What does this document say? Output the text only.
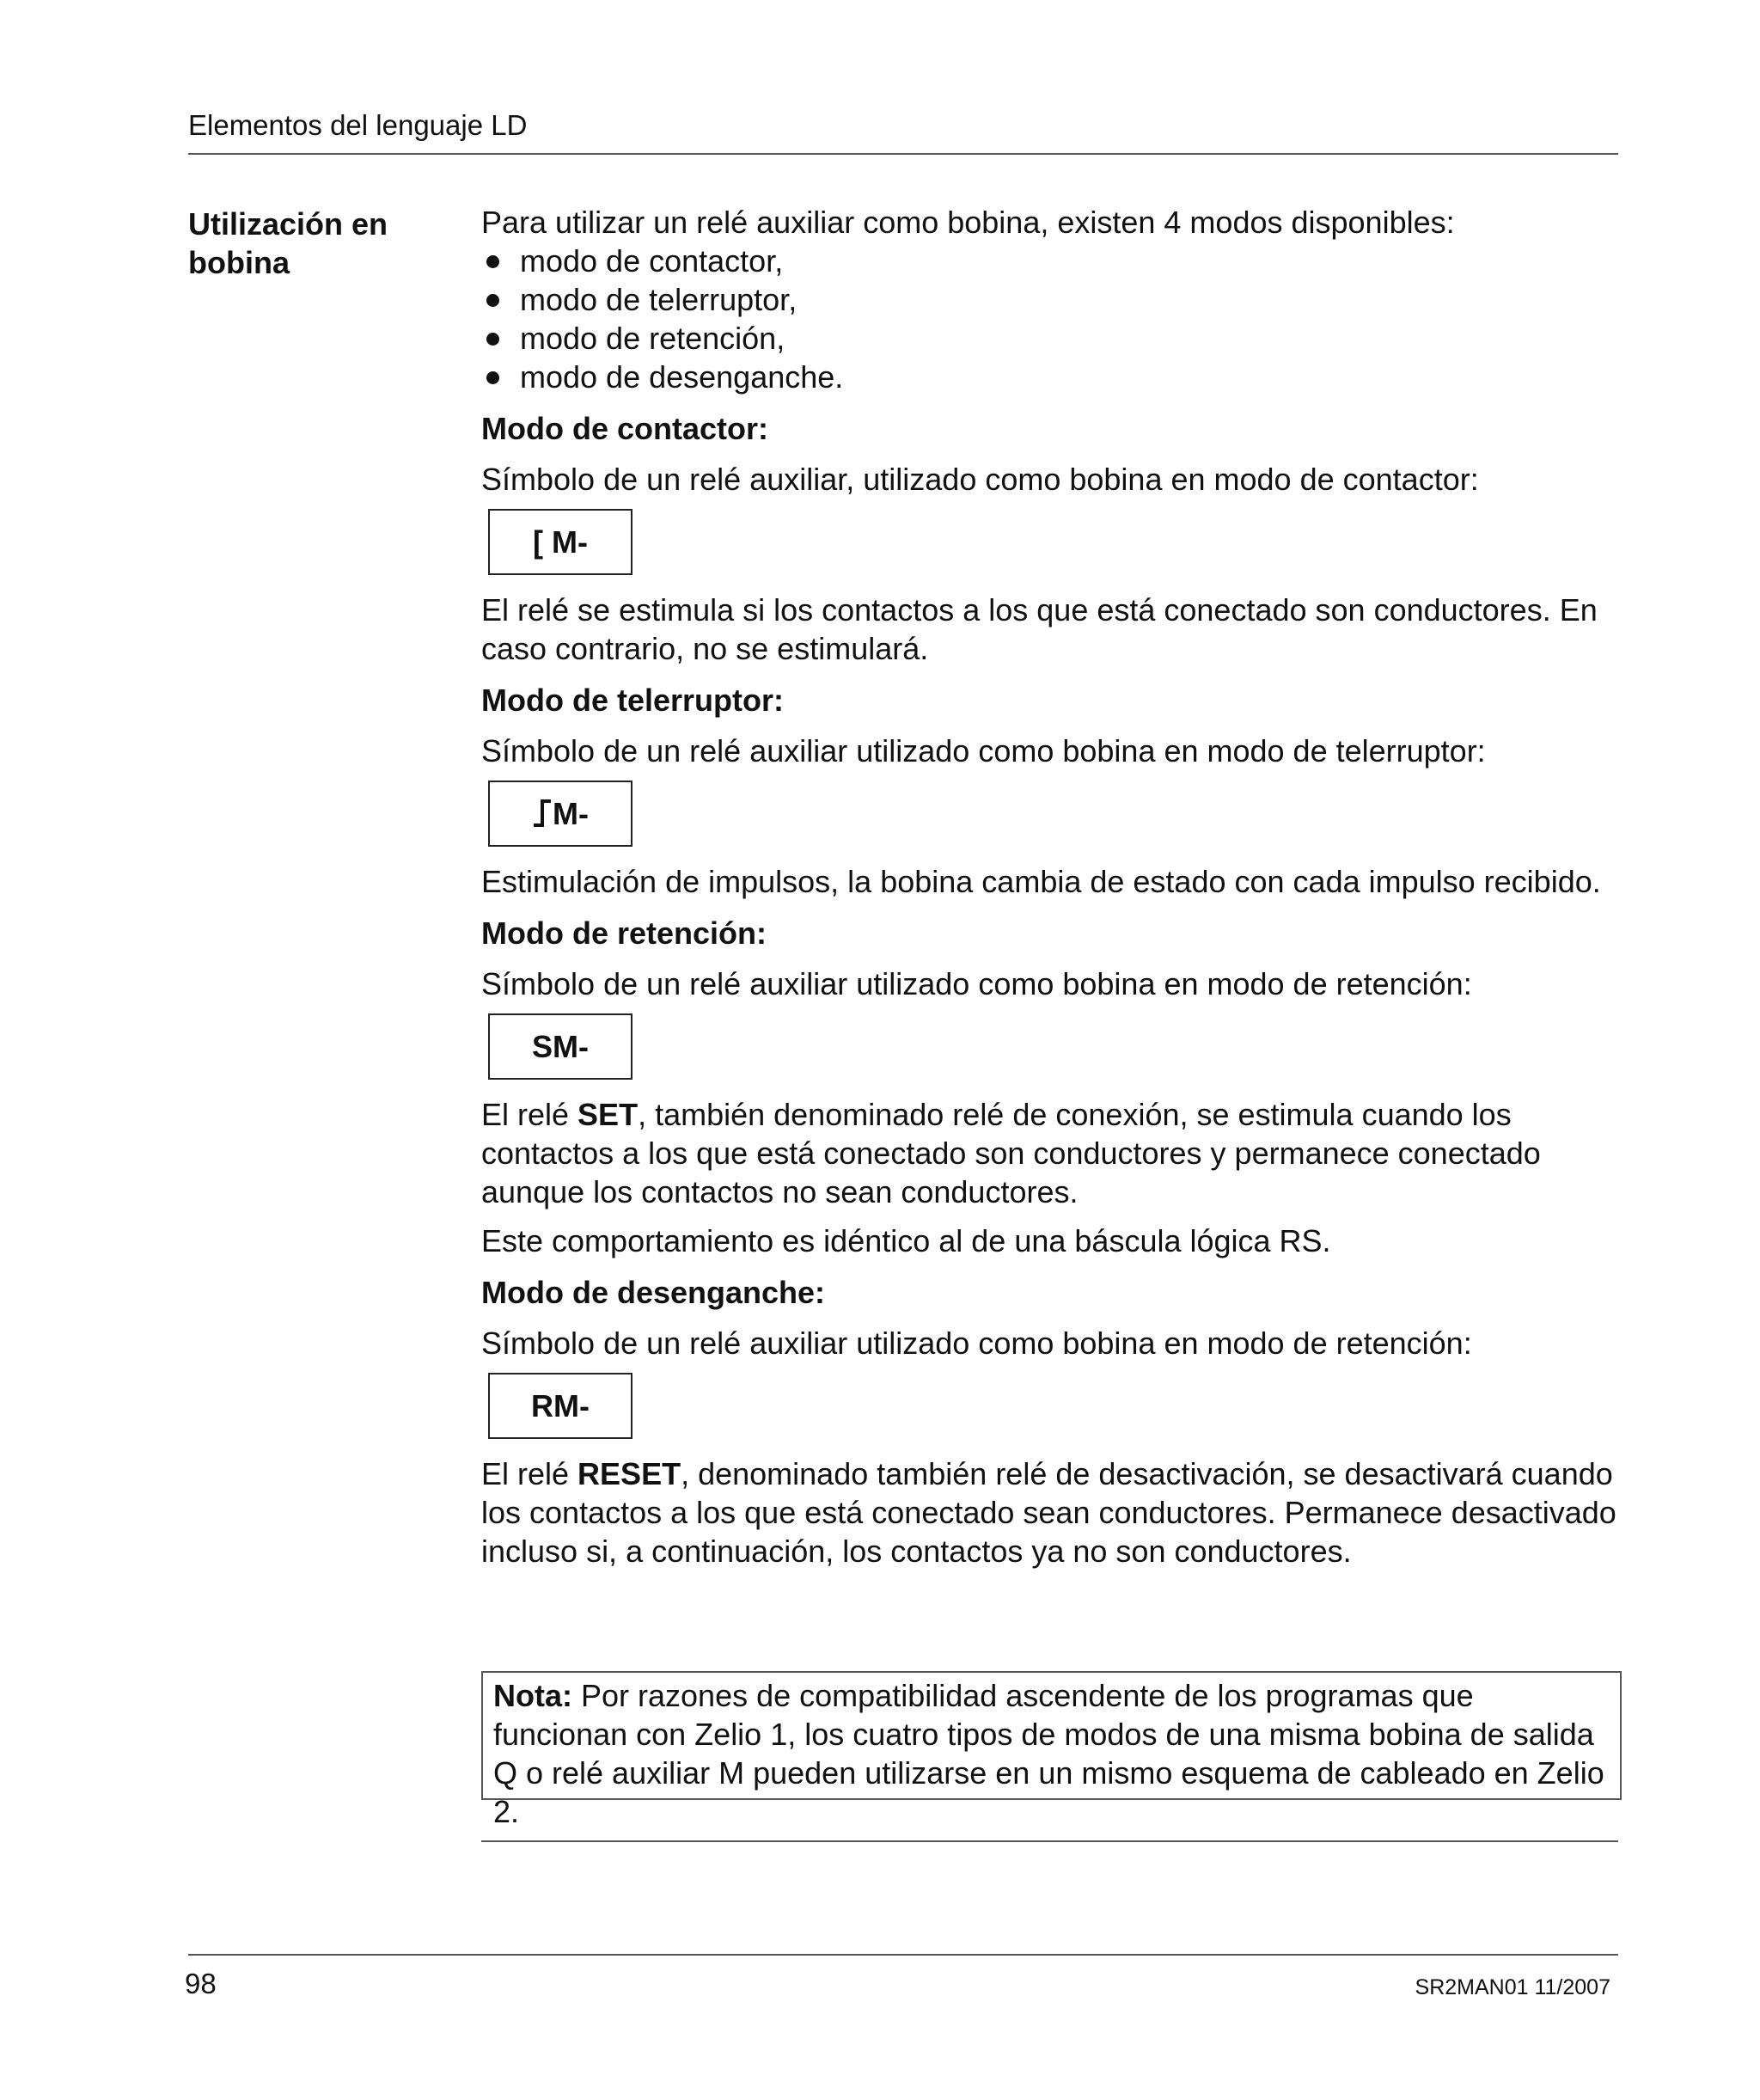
Elementos del lenguaje LD

Utilización en bobina

Para utilizar un relé auxiliar como bobina, existen 4 modos disponibles:

modo de contactor,
modo de telerruptor,
modo de retención,
modo de desenganche.

Modo de contactor:

Símbolo de un relé auxiliar, utilizado como bobina en modo de contactor:

[ M-

El relé se estimula si los contactos a los que está conectado son conductores. En caso contrario, no se estimulará.

Modo de telerruptor:

Símbolo de un relé auxiliar utilizado como bobina en modo de telerruptor:

M-

Estimulación de impulsos, la bobina cambia de estado con cada impulso recibido.

Modo de retención:

Símbolo de un relé auxiliar utilizado como bobina en modo de retención:

SM-

El relé SET, también denominado relé de conexión, se estimula cuando los contactos a los que está conectado son conductores y permanece conectado aunque los contactos no sean conductores.

Este comportamiento es idéntico al de una báscula lógica RS.

Modo de desenganche:

Símbolo de un relé auxiliar utilizado como bobina en modo de retención:

RM-

El relé RESET, denominado también relé de desactivación, se desactivará cuando los contactos a los que está conectado sean conductores. Permanece desactivado incluso si, a continuación, los contactos ya no son conductores.

Nota: Por razones de compatibilidad ascendente de los programas que funcionan con Zelio 1, los cuatro tipos de modos de una misma bobina de salida Q o relé auxiliar M pueden utilizarse en un mismo esquema de cableado en Zelio 2.

98	SR2MAN01 11/2007
